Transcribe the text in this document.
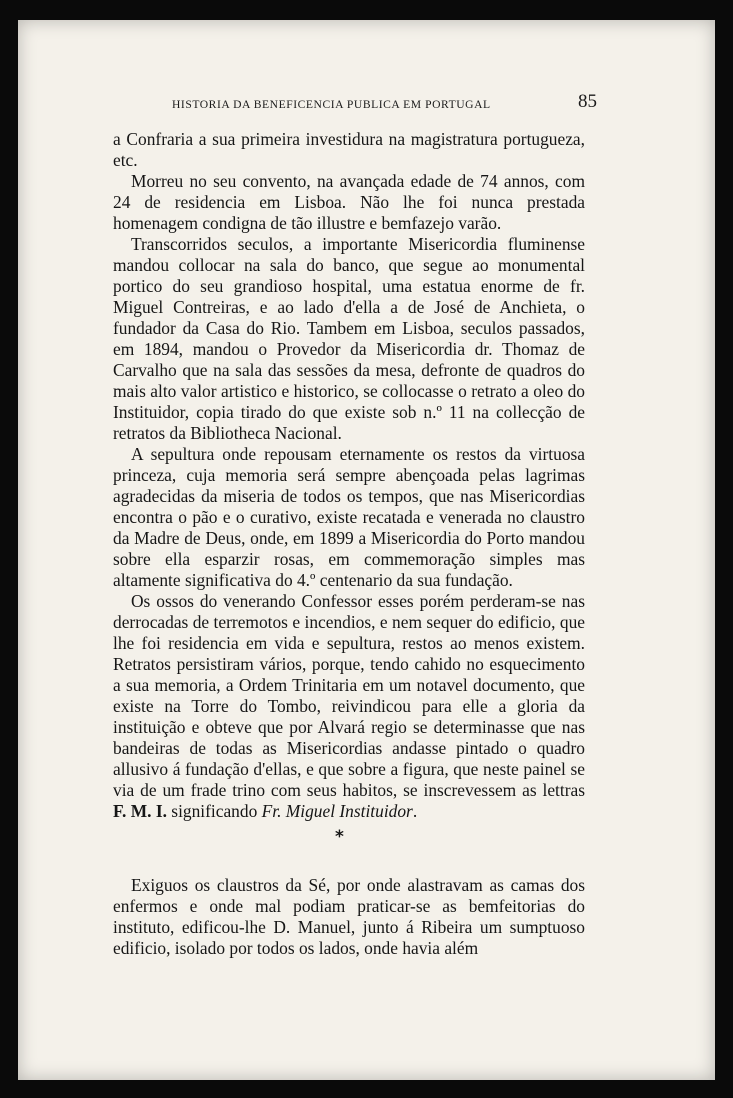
HISTORIA DA BENEFICENCIA PUBLICA EM PORTUGAL	85

a Confraria a sua primeira investidura na magistratura portugueza, etc.

Morreu no seu convento, na avançada edade de 74 annos, com 24 de residencia em Lisboa. Não lhe foi nunca prestada homenagem condigna de tão illustre e bemfazejo varão.

Transcorridos seculos, a importante Misericordia fluminense mandou collocar na sala do banco, que segue ao monumental portico do seu grandioso hospital, uma estatua enorme de fr. Miguel Contreiras, e ao lado d'ella a de José de Anchieta, o fundador da Casa do Rio. Tambem em Lisboa, seculos passados, em 1894, mandou o Provedor da Misericordia dr. Thomaz de Carvalho que na sala das sessões da mesa, defronte de quadros do mais alto valor artistico e historico, se collocasse o retrato a oleo do Instituidor, copia tirado do que existe sob n.º 11 na collecção de retratos da Bibliotheca Nacional.

A sepultura onde repousam eternamente os restos da virtuosa princeza, cuja memoria será sempre abençoada pelas lagrimas agradecidas da miseria de todos os tempos, que nas Misericordias encontra o pão e o curativo, existe recatada e venerada no claustro da Madre de Deus, onde, em 1899 a Misericordia do Porto mandou sobre ella esparzir rosas, em commemoração simples mas altamente significativa do 4.º centenario da sua fundação.

Os ossos do venerando Confessor esses porém perderam-se nas derrocadas de terremotos e incendios, e nem sequer do edificio, que lhe foi residencia em vida e sepultura, restos ao menos existem. Retratos persistiram vários, porque, tendo cahido no esquecimento a sua memoria, a Ordem Trinitaria em um notavel documento, que existe na Torre do Tombo, reivindicou para elle a gloria da instituição e obteve que por Alvará regio se determinasse que nas bandeiras de todas as Misericordias andasse pintado o quadro allusivo á fundação d'ellas, e que sobre a figura, que neste painel se via de um frade trino com seus habitos, se inscrevessem as lettras F. M. I. significando Fr. Miguel Instituidor.

*

Exiguos os claustros da Sé, por onde alastravam as camas dos enfermos e onde mal podiam praticar-se as bemfeitorias do instituto, edificou-lhe D. Manuel, junto á Ribeira um sumptuoso edificio, isolado por todos os lados, onde havia além
